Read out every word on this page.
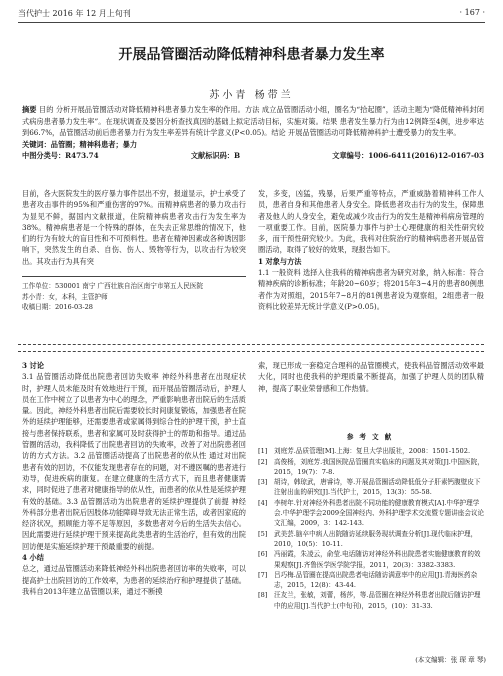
当代护士 2016 年 12 月上旬刊	· 167 ·
开展品管圈活动降低精神科患者暴力发生率
苏小青 杨带兰
摘要 目的 分析开展品管圈活动对降低精神科患者暴力发生率的作用。方法 成立品管圈活动小组，圈名为“拾起圈”，活动主题为“降低精神科封闭式病房患者暴力发生率”。在现状调查及要因分析查找真因的基础上拟定活动目标，实施对策。结果 患者发生暴力行为由12例降至4例，进步率达到66.7%，品管圈活动前后患者暴力行为发生率差异有统计学意义(P<0.05)。结论 开展品管圈活动可降低精神科护士遭受暴力的发生率。
关键词：品管圈；精神科患者；暴力
中图分类号：R473.74	文献标识码：B	文章编号：1006-6411(2016)12-0167-03

目前，各大医院发生的医疗暴力事件层出不穷，报道显示，护士承受了患者攻击事件的95%和严重伤害的97%。而精神病患者的暴力攻击行为显见不鲜，据国内文献报道，住院精神病患者攻击行为发生率为38%。精神病患者是一个特殊的群体，在失去正常思维的情况下，他们的行为有较大的盲目性和不可预料性。患者在精神因素或各种诱因影响下，突然发生的自杀、自伤、伤人、毁物等行为，以攻击行为较突出。其攻击行为具有突

工作单位：530001 南宁 广西壮族自治区南宁市第五人民医院
苏小青：女，本科，主管护师
收稿日期：2016-03-28

发，多变，凶猛，残暴，后果严重等特点，严重威胁着精神科工作人员，患者自身和其他患者人身安全。降低患者攻击行为的发生，保障患者及他人的人身安全，避免或减少攻击行为的发生是精神科病房管理的一项重要工作。目前，医院暴力事件与护士心理健康的相关性研究较多，而干预性研究较少。为此，我科对住院治疗的精神病患者开展品管圈活动，取得了较好的效果，现报告如下。

1 对象与方法

1.1 一般资料 选择入住我科的精神病患者为研究对象，纳入标准：符合精神疾病的诊断标准；年龄20~60岁；将2015年3~4月的患者80例患者作为对照组，2015年7~8月的81例患者设为观察组，2组患者一般资料比较差异无统计学意义(P>0.05)。

3 讨论

3.1 品管圈活动降低出院患者回访失败率 神经外科患者在出现症状时，护理人员未能及时有效地进行干预，而开展品管圈活动后，护理人员在工作中树立了以患者为中心的理念，严重影响患者出院后的生活质量。因此，神经外科患者出院后需要较长时间康复锻炼，加强患者在院外的延续护理能够，还需要患者或家属得到综合性的护理干预，护士直接与患者保持联系，患者和家属可及时获得护士的帮助和指导。通过品管圈的活动，我科降低了出院患者回访的失败率，改善了对出院患者回访的方式方法。3.2 品管圈活动提高了出院患者的依从性 通过对出院患者有效的回访，不仅能发现患者存在的问题，对不遵医嘱的患者进行劝导，促进疾病的康复。在建立健康的生活方式下，而且患者健康需求，同时促进了患者对健康指导的依从性，而患者的依从性是延续护理有效的基础。3.3 品管圈活动为出院患者的延续护理提供了前提 神经外科部分患者出院后因肢体功能障碍导致无法正常生活，或者因家庭的经济状况，照顾能力等不足等原因，多数患者对今后的生活失去信心。因此需要进行延续护理干预来提高此类患者的生活治疗，但有效的出院回访便是实施延续护理干预最重要的前提。

4 小结

总之，通过品管圈活动来降低神经外科出院患者回访率的失败率，可以提高护士出院回访的工作效率，为患者的延续治疗和护理提供了基础。我科自2013年建立品管圈以来，通过不断摸

索，现已形成一套稳定合理科的品管圈模式，使我科品管圈活动效率最大化，同时也使我科的护理质量不断提高，加强了护理人员的团队精神，提高了职业荣誉感和工作热情。

参考文献
[1]	刘庭芳.品质管理[M].上海：复旦大学出版社，2008：1501-1502.
[2]	高俊杨，刘庭芳.我国医院品管圈真实临床的问题及其对策[J].中国医院，2015，19(7)：7-8.
[3]	胡诗，韩琼武，唐睿诗，等.开展品管圈活动降低低分子肝素钙腹壁皮下注射出血的研究[J].当代护士，2015，13(3)：55-58.
[4]	李树年.针对神经外科患者出院不同功能的健康教育模式[A].中华护理学会.中华护理学会2009全国神经内、外科护理学术交流暨专题讲座会议论文汇编，2009，3：142-143.
[5]	武美芸.脑卒中病人出院随访延续服务现状调查分析[J].现代临床护理，2010，10(5)：10-11.
[6]	冯丽霞，朱凌云，俞莹.电话随访对神经外科出院患者实施健康教育的效果观察[J].齐鲁医学医学院学报，2011，20(3)：3382-3383.
[7]	吕巧梅.品管圈在提高出院患者电话随访满意率中的应用[J].青海医药杂志，2015，12(8)：43-44.
[8]	汪友兰，张敏，刘蕾，杨莎，等.品管圈在神经外科患者出院后随访护理中的应用[J].当代护士(中旬刊)，2015，(10)：31-33.
(本文编辑：张 琛 章 琴)
